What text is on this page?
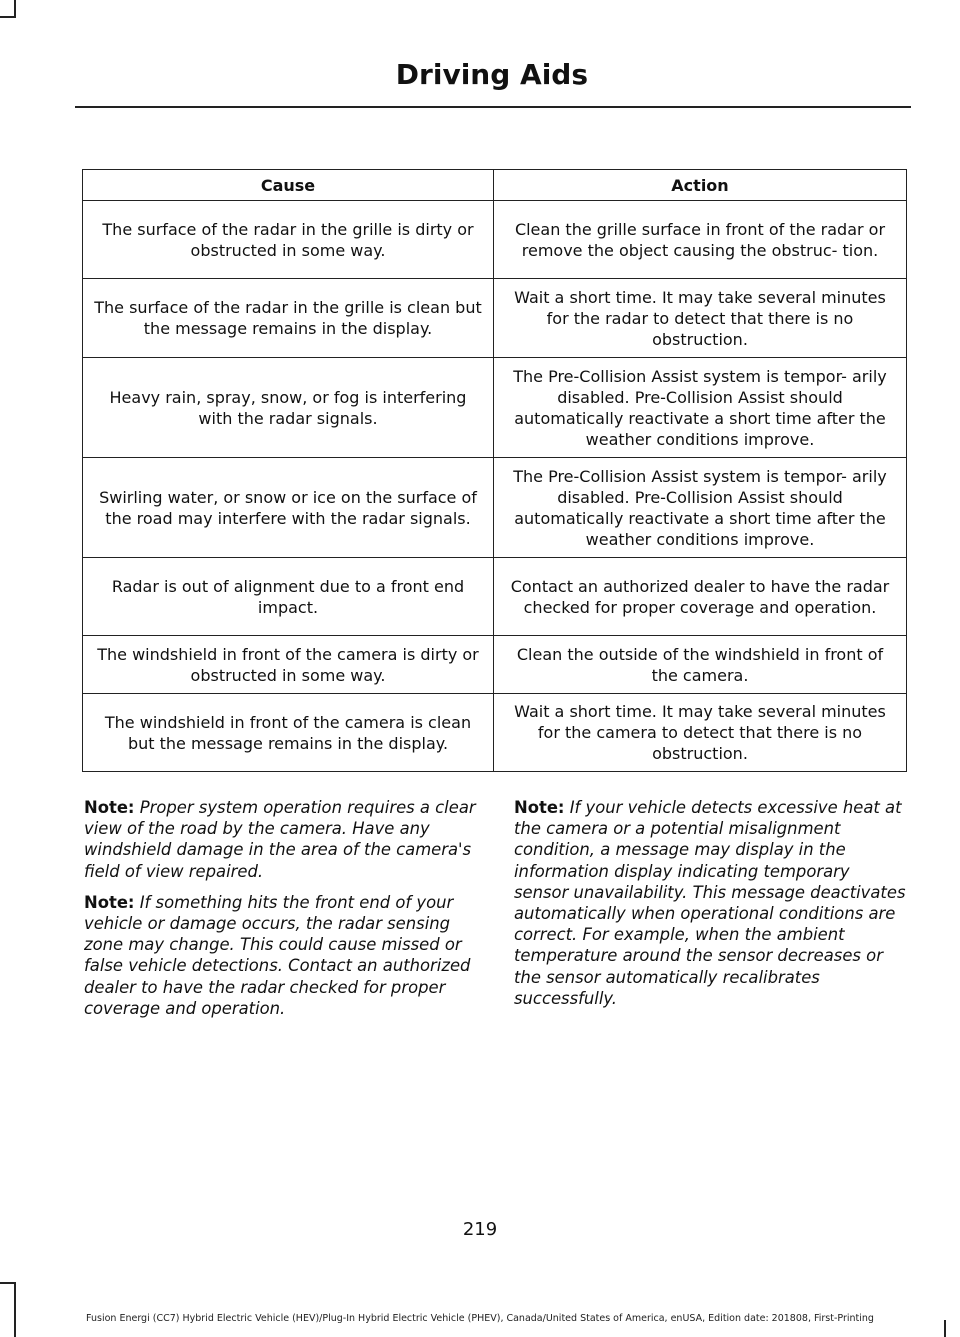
Driving Aids
Cause	Action
The surface of the radar in the grille is dirty or obstructed in some way.	Clean the grille surface in front of the radar or remove the object causing the obstruc- tion.
The surface of the radar in the grille is clean but the message remains in the display.	Wait a short time. It may take several minutes for the radar to detect that there is no obstruction.
Heavy rain, spray, snow, or fog is interfering with the radar signals.	The Pre-Collision Assist system is tempor- arily disabled. Pre-Collision Assist should automatically reactivate a short time after the weather conditions improve.
Swirling water, or snow or ice on the surface of the road may interfere with the radar signals.	The Pre-Collision Assist system is tempor- arily disabled. Pre-Collision Assist should automatically reactivate a short time after the weather conditions improve.
Radar is out of alignment due to a front end impact.	Contact an authorized dealer to have the radar checked for proper coverage and operation.
The windshield in front of the camera is dirty or obstructed in some way.	Clean the outside of the windshield in front of the camera.
The windshield in front of the camera is clean but the message remains in the display.	Wait a short time. It may take several minutes for the camera to detect that there is no obstruction.

Note: Proper system operation requires a clear view of the road by the camera. Have any windshield damage in the area of the camera's field of view repaired.

Note: If something hits the front end of your vehicle or damage occurs, the radar sensing zone may change. This could cause missed or false vehicle detections. Contact an authorized dealer to have the radar checked for proper coverage and operation.

Note: If your vehicle detects excessive heat at the camera or a potential misalignment condition, a message may display in the information display indicating temporary sensor unavailability. This message deactivates automatically when operational conditions are correct. For example, when the ambient temperature around the sensor decreases or the sensor automatically recalibrates successfully.

219
Fusion Energi (CC7) Hybrid Electric Vehicle (HEV)/Plug-In Hybrid Electric Vehicle (PHEV), Canada/United States of America, enUSA, Edition date: 201808, First-Printing
